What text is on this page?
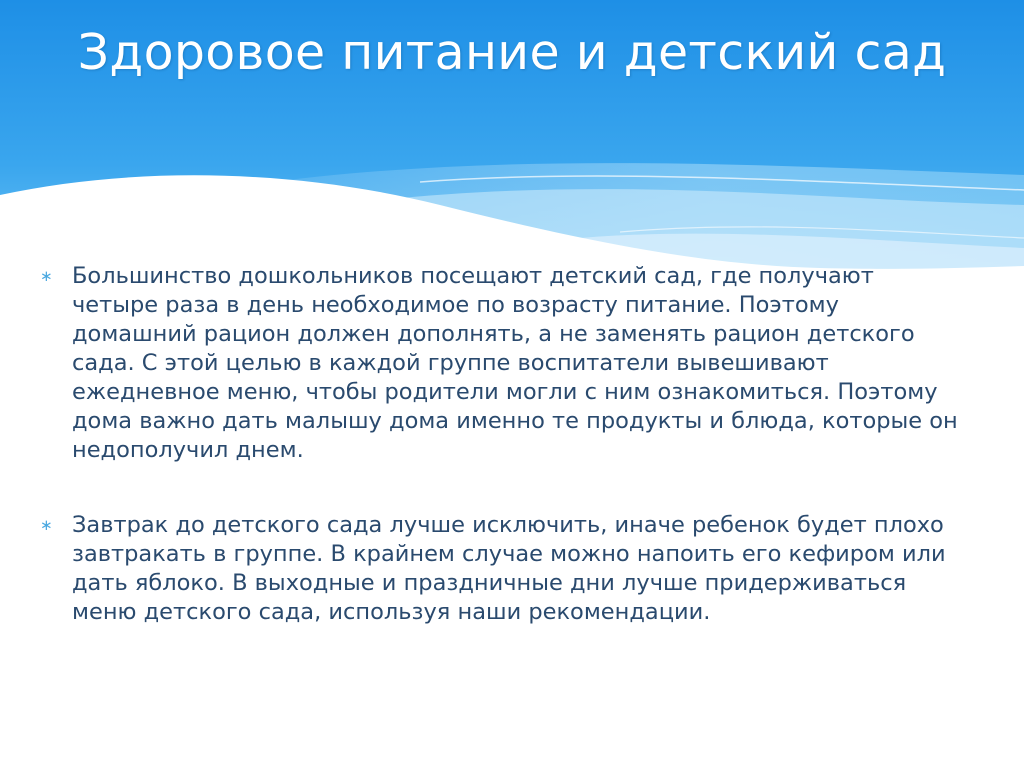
Здоровое питание и детский сад
∗ Большинство дошкольников посещают детский сад, где получают четыре раза в день необходимое по возрасту питание. Поэтому домашний рацион должен дополнять, а не заменять рацион детского сада. С этой целью в каждой группе воспитатели вывешивают ежедневное меню, чтобы родители могли с ним ознакомиться. Поэтому дома важно дать малышу дома именно те продукты и блюда, которые он недополучил днем.
∗ Завтрак до детского сада лучше исключить, иначе ребенок будет плохо завтракать в группе. В крайнем случае можно напоить его кефиром или дать яблоко. В выходные и праздничные дни лучше придерживаться меню детского сада, используя наши рекомендации.
